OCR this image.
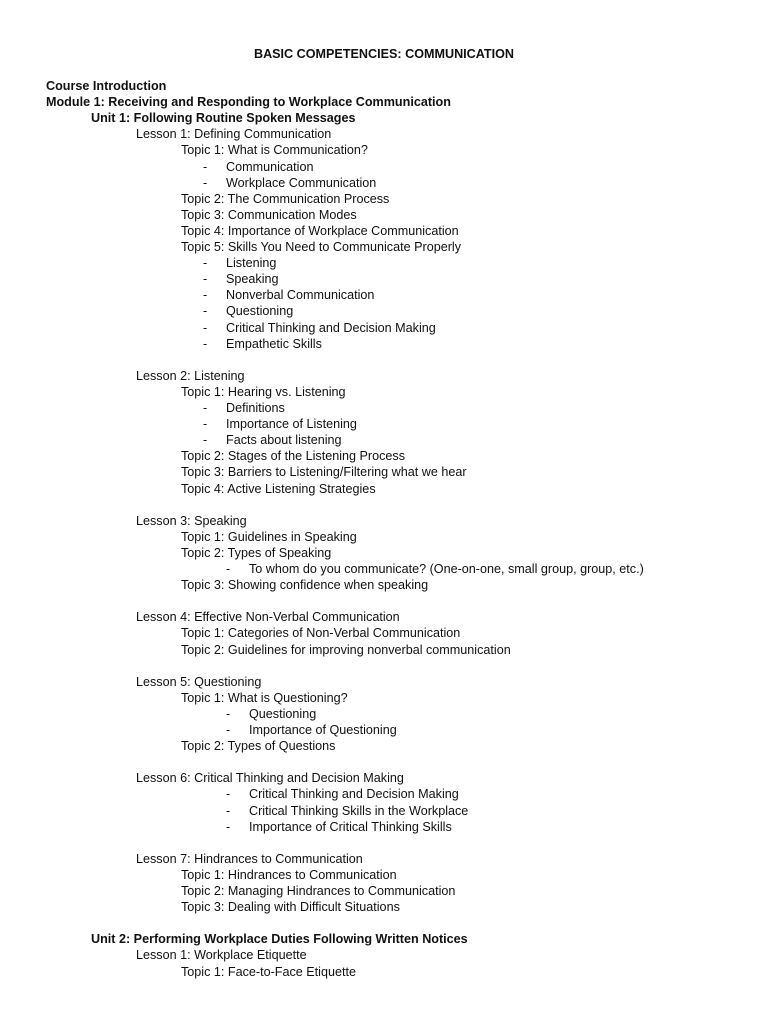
BASIC COMPETENCIES: COMMUNICATION
Course Introduction
Module 1: Receiving and Responding to Workplace Communication
Unit 1: Following Routine Spoken Messages
Lesson 1: Defining Communication
Topic 1: What is Communication?
Communication
-
Workplace Communication
-
Topic 2: The Communication Process
Topic 3: Communication Modes
Topic 4: Importance of Workplace Communication
Topic 5: Skills You Need to Communicate Properly
Listening
-
Speaking
-
Nonverbal Communication
-
Questioning
-
Critical Thinking and Decision Making
-
Empathetic Skills
-
Lesson 2: Listening
Topic 1: Hearing vs. Listening
Definitions
-
Importance of Listening
-
Facts about listening
-
Topic 2: Stages of the Listening Process
Topic 3: Barriers to Listening/Filtering what we hear
Topic 4: Active Listening Strategies
Lesson 3: Speaking
Topic 1: Guidelines in Speaking
Topic 2: Types of Speaking
To whom do you communicate? (One-on-one, small group, group, etc.)
-
Topic 3: Showing confidence when speaking
Lesson 4: Effective Non-Verbal Communication
Topic 1: Categories of Non-Verbal Communication
Topic 2: Guidelines for improving nonverbal communication
Lesson 5: Questioning
Topic 1: What is Questioning?
Questioning
-
Importance of Questioning
-
Topic 2: Types of Questions
Lesson 6: Critical Thinking and Decision Making
Critical Thinking and Decision Making
-
Critical Thinking Skills in the Workplace
-
Importance of Critical Thinking Skills
-
Lesson 7: Hindrances to Communication
Topic 1: Hindrances to Communication
Topic 2: Managing Hindrances to Communication
Topic 3: Dealing with Difficult Situations
Unit 2: Performing Workplace Duties Following Written Notices
Lesson 1: Workplace Etiquette
Topic 1: Face-to-Face Etiquette
